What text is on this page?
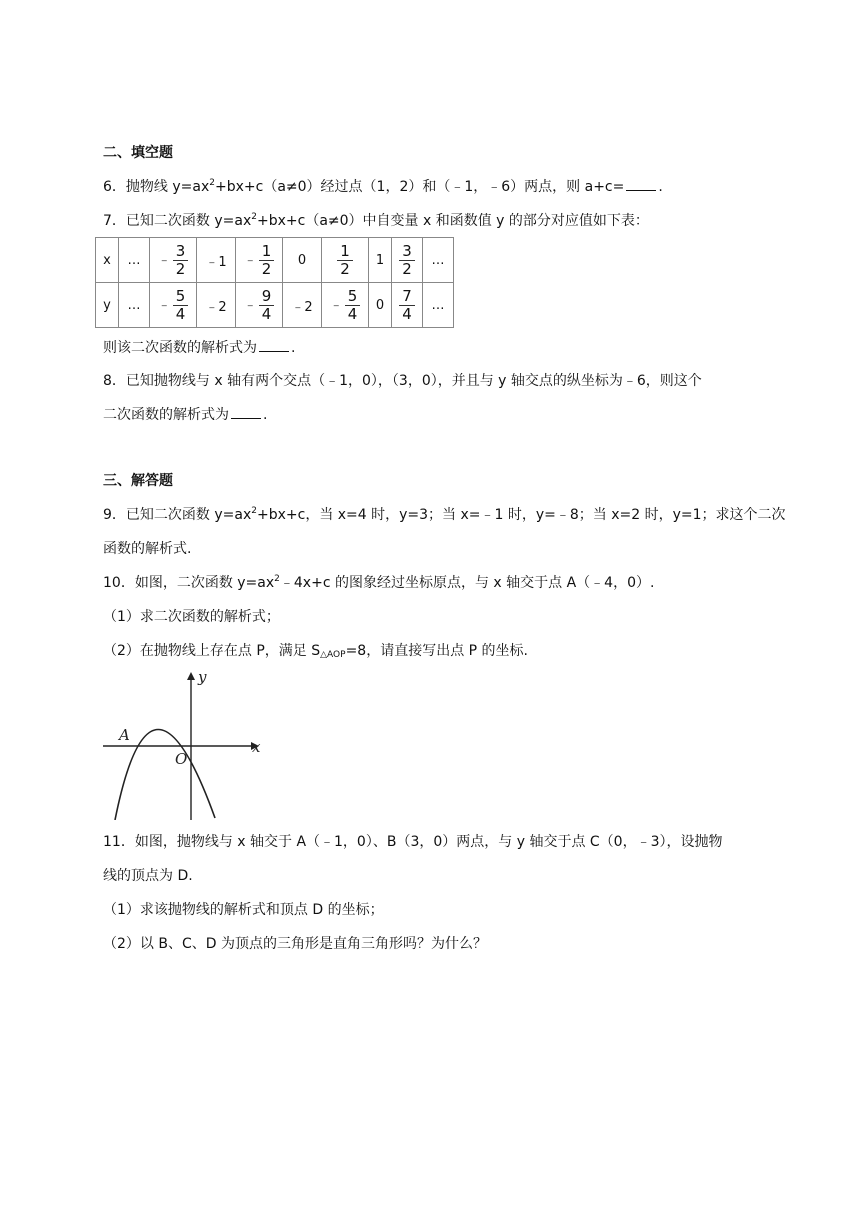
二、填空题
6．抛物线 $y=ax^2+bx+c(a\ne 0)$经过点（1，2）和（﹣1，﹣6）两点，则 a+c= .
7．已知二次函数 $y=ax^2+bx+c(a\ne 0)$中自变量 x 和函数值 y 的部分对应值如下表：
x	…	﹣ $\frac{3}{2}$	﹣1	﹣ $\frac{1}{2}$	0	$\frac{1}{2}$	1	$\frac{3}{2}$	…
y	…	﹣ $\frac{5}{4}$	﹣2	﹣ $\frac{9}{4}$	﹣2	﹣ $\frac{5}{4}$	0	$\frac{7}{4}$	…
则该二次函数的解析式为 .
8．已知抛物线与 x 轴有两个交点（﹣1，0），（3，0），并且与 y 轴交点的纵坐标为﹣6，则这个
二次函数的解析式为 .
三、解答题
9．已知二次函数 $y=ax^2+bx+c$，当 x=4 时，y=3；当 x=﹣1 时，y=﹣8；当 x=2 时，y=1；求这个二次
函数的解析式.
10．如图，二次函数 $y=ax^2﹣4x+c$ 的图象经过坐标原点，与 x 轴交于点 A（﹣4，0）.
（1）求二次函数的解析式；
（2）在抛物线上存在点 P，满足 $S_{\triangle AOP}=8$，请直接写出点 P 的坐标.
y
x
A
O
11．如图，抛物线与 x 轴交于 A（﹣1，0）、B（3，0）两点，与 y 轴交于点 C（0，﹣3），设抛物
线的顶点为 D.
（1）求该抛物线的解析式和顶点 D 的坐标；
（2）以 B、C、D 为顶点的三角形是直角三角形吗？为什么？
